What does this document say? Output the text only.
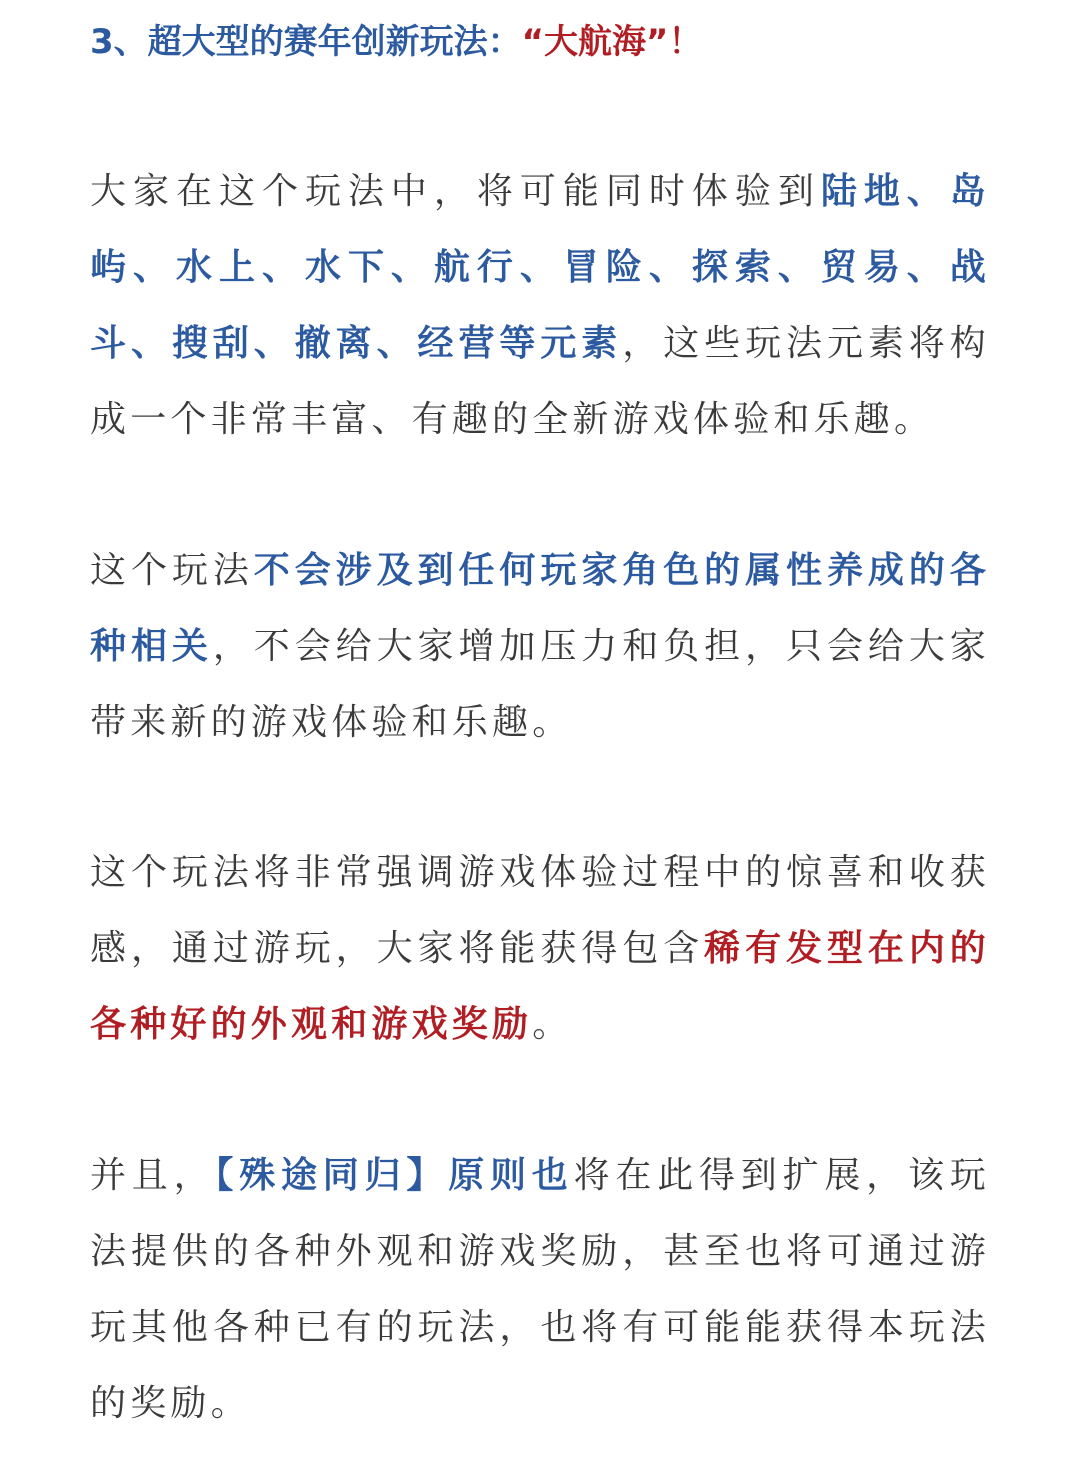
3、超大型的赛年创新玩法：“大航海”！

大家在这个玩法中，将可能同时体验到陆地、岛屿、水上、水下、航行、冒险、探索、贸易、战斗、搜刮、撤离、经营等元素，这些玩法元素将构成一个非常丰富、有趣的全新游戏体验和乐趣。

这个玩法不会涉及到任何玩家角色的属性养成的各种相关，不会给大家增加压力和负担，只会给大家带来新的游戏体验和乐趣。

这个玩法将非常强调游戏体验过程中的惊喜和收获感，通过游玩，大家将能获得包含稀有发型在内的各种好的外观和游戏奖励。

并且，【殊途同归】原则也将在此得到扩展，该玩法提供的各种外观和游戏奖励，甚至也将可通过游玩其他各种已有的玩法，也将有可能能获得本玩法的奖励。
